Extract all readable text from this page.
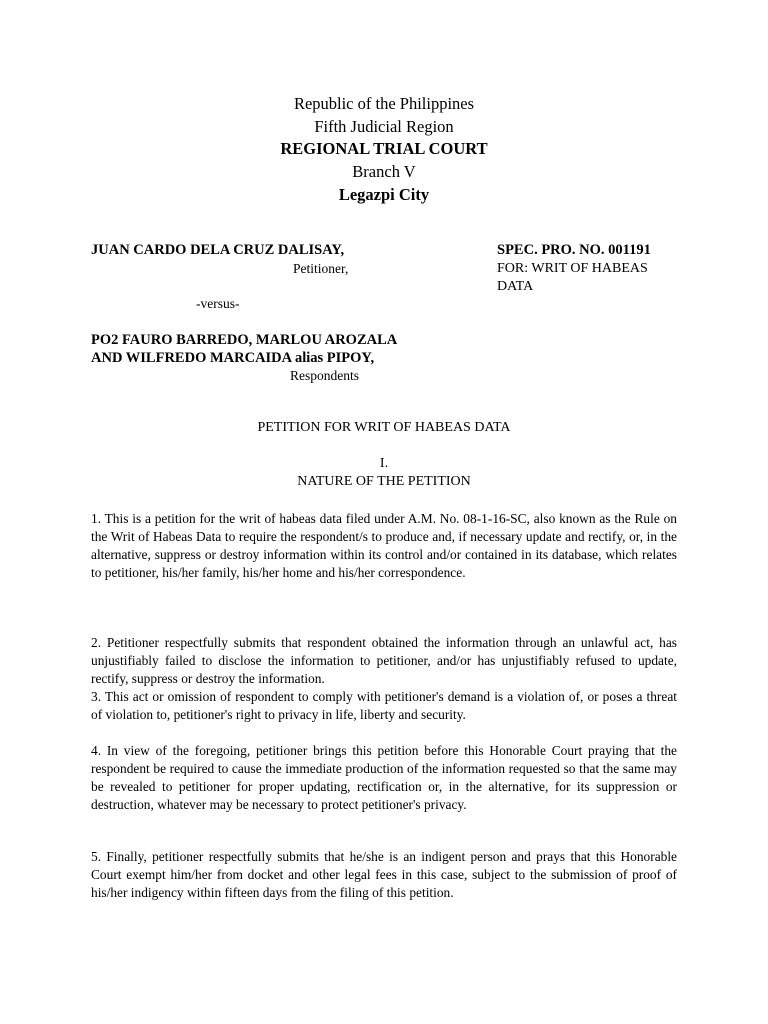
Republic of the Philippines
Fifth Judicial Region
REGIONAL TRIAL COURT
Branch V
Legazpi City
JUAN CARDO DELA CRUZ DALISAY,
Petitioner,
SPEC. PRO. NO. 001191
FOR: WRIT OF HABEAS
DATA
-versus-
PO2 FAURO BARREDO, MARLOU AROZALA
AND WILFREDO MARCAIDA alias PIPOY,
Respondents
PETITION FOR WRIT OF HABEAS DATA
I.
NATURE OF THE PETITION
1. This is a petition for the writ of habeas data filed under A.M. No. 08-1-16-SC, also known as the Rule on the Writ of Habeas Data to require the respondent/s to produce and, if necessary update and rectify, or, in the alternative, suppress or destroy information within its control and/or contained in its database, which relates to petitioner, his/her family, his/her home and his/her correspondence.
2. Petitioner respectfully submits that respondent obtained the information through an unlawful act, has unjustifiably failed to disclose the information to petitioner, and/or has unjustifiably refused to update, rectify, suppress or destroy the information.
3. This act or omission of respondent to comply with petitioner's demand is a violation of, or poses a threat of violation to, petitioner's right to privacy in life, liberty and security.
4. In view of the foregoing, petitioner brings this petition before this Honorable Court praying that the respondent be required to cause the immediate production of the information requested so that the same may be revealed to petitioner for proper updating, rectification or, in the alternative, for its suppression or destruction, whatever may be necessary to protect petitioner's privacy.
5. Finally, petitioner respectfully submits that he/she is an indigent person and prays that this Honorable Court exempt him/her from docket and other legal fees in this case, subject to the submission of proof of his/her indigency within fifteen days from the filing of this petition.
